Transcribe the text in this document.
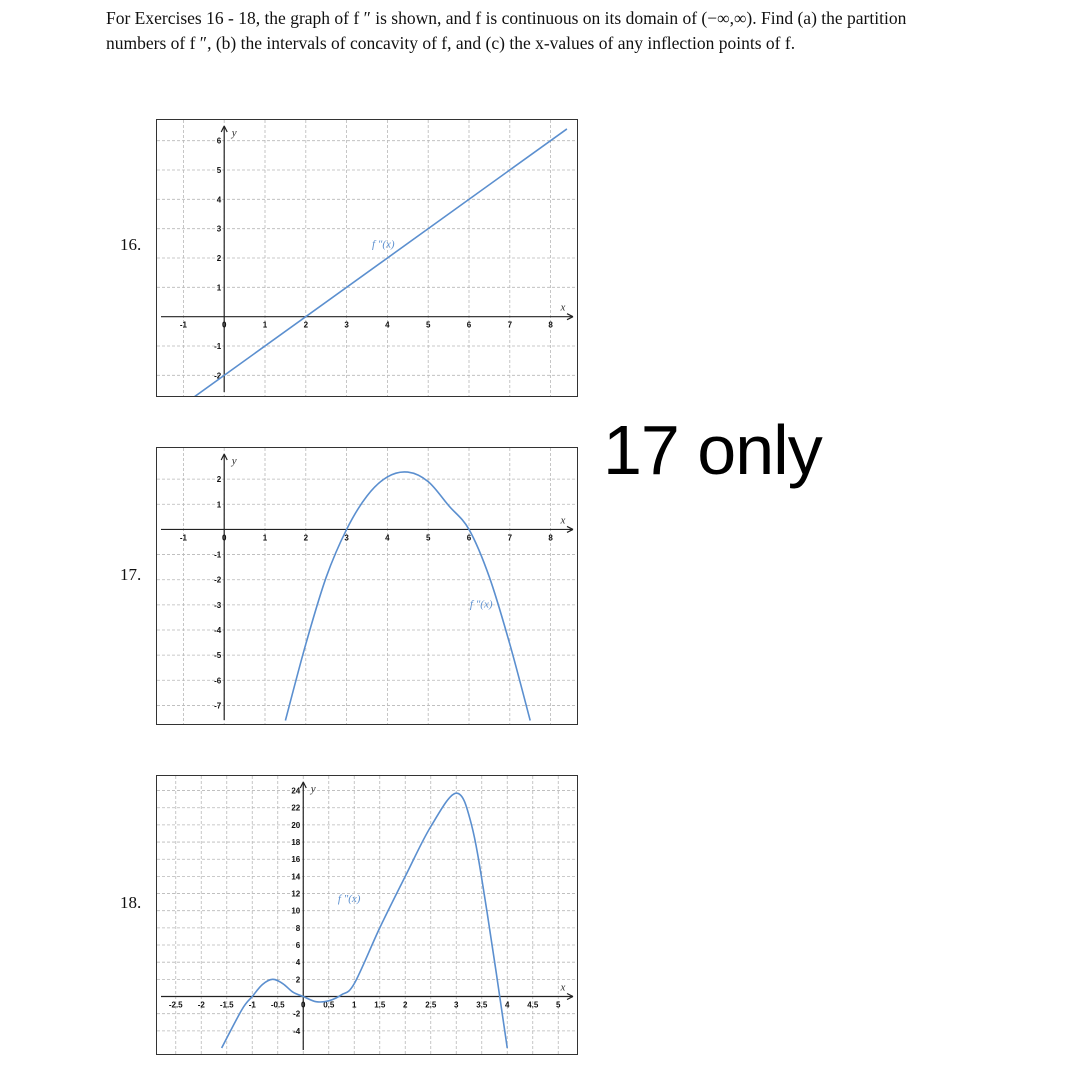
For Exercises 16 - 18, the graph of f ″ is shown, and f is continuous on its domain of (−∞,∞). Find (a) the partition numbers of f ″, (b) the intervals of concavity of f, and (c) the x-values of any inflection points of f.
16.
17.
18.
-1	0	1	2	3	4	5	6	7	8
-2
-1
1
2
3
4
5
6
x
y
f ″(x)
-1	0	1	2	3	4	5	6	7	8
-7
-6
-5
-4
-3
-2
-1
1
2
x
y
f ″(x)
-2.5 -2 -1.5 -1 -0.5 0 0.5 1 1.5 2 2.5 3 3.5 4 4.5 5
-4
-2
2
4
6
8
10
12
14
16
18
20
22
24
x
y
f ″(x)
17 only
